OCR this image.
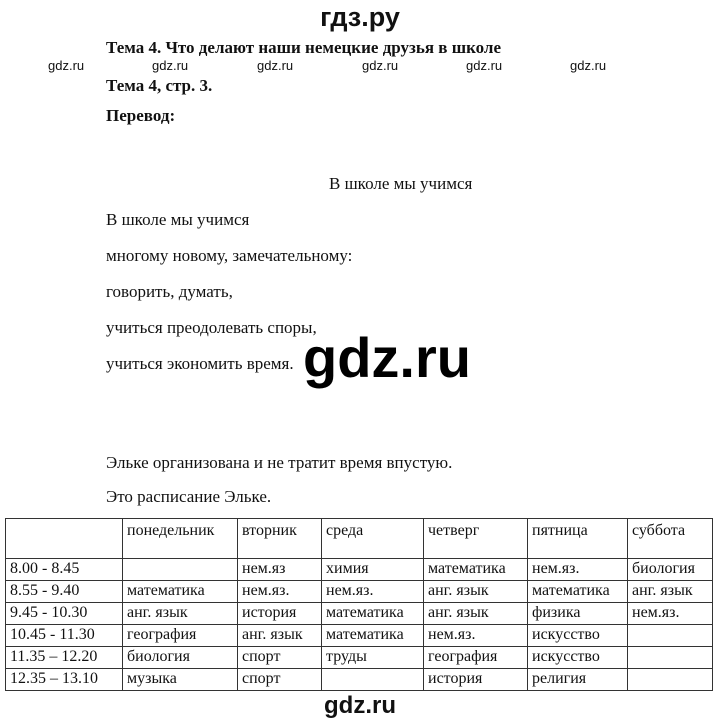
гдз.ру
Тема 4. Что делают наши немецкие друзья в школе
gdz.ru	gdz.ru	gdz.ru	gdz.ru	gdz.ru	gdz.ru
Тема 4, стр. 3.
Перевод:
В школе мы учимся
В школе мы учимся
многому новому, замечательному:
говорить, думать,
учиться преодолевать споры,
учиться экономить время. gdz.ru
Эльке организована и не тратит время впустую.
Это расписание Эльке.
	понедельник	вторник	среда	четверг	пятница	суббота
8.00 - 8.45		нем.яз	химия	математика	нем.яз.	биология
8.55 - 9.40	математика	нем.яз.	нем.яз.	анг. язык	математика	анг. язык
9.45 - 10.30	анг. язык	история	математика	анг. язык	физика	нем.яз.
10.45 - 11.30	география	анг. язык	математика	нем.яз.	искусство	
11.35 – 12.20	биология	спорт	труды	география	искусство	
12.35 – 13.10	музыка	спорт		история	религия	
gdz.ru
